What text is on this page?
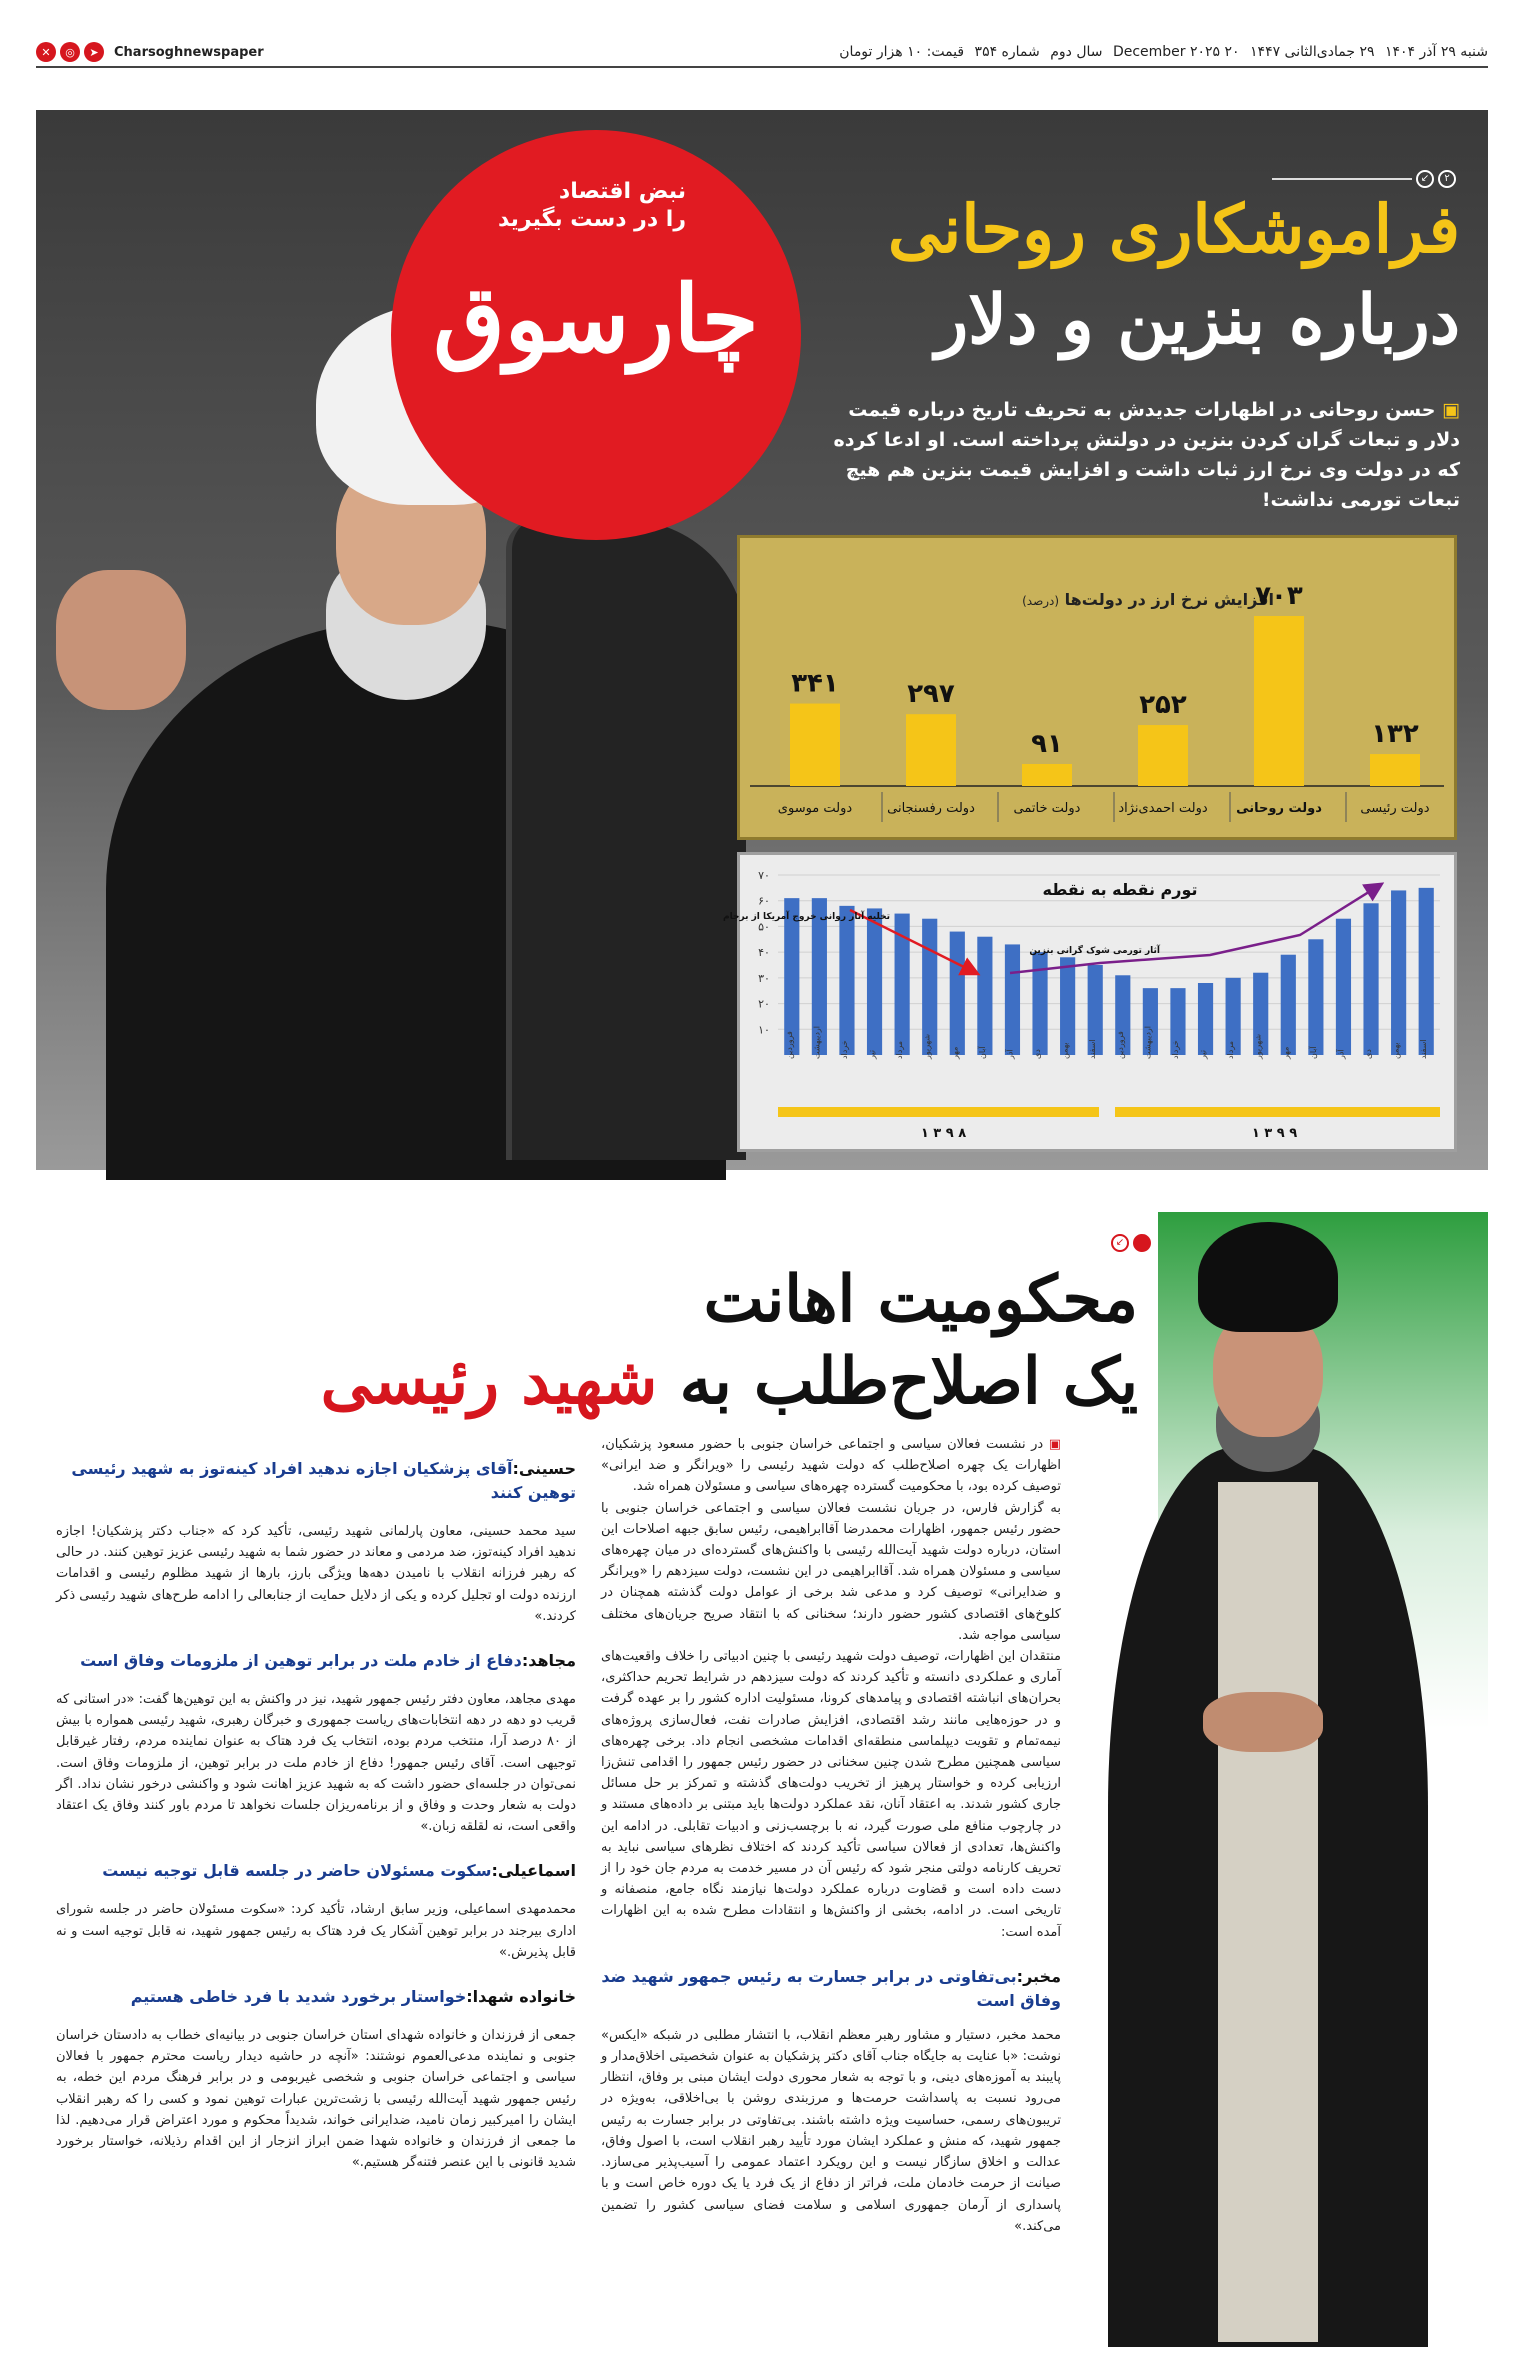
شنبه ۲۹ آذر ۱۴۰۴ ۲۹ جمادی‌الثانی ۱۴۴۷ ۲۰ December ۲۰۲۵ سال دوم شماره ۳۵۴ قیمت: ۱۰ هزار تومان
✕	◎	➤	Charsoghnewspaper
نبض اقتصاد
را در دست بگیرید
چارسوق
↙	۲
فراموشکاری روحانی
درباره بنزین و دلار
▣ حسن روحانی در اظهارات جدیدش به تحریف تاریخ درباره قیمت دلار و تبعات گران کردن بنزین در دولتش پرداخته است. او ادعا کرده که در دولت وی نرخ ارز ثبات داشت و افزایش قیمت بنزین هم هیچ تبعات تورمی نداشت!
افزایش نرخ ارز در دولت‌ها (درصد)
۳۴۱
دولت موسوی
۲۹۷
دولت رفسنجانی
۹۱
دولت خاتمی
۲۵۲
دولت احمدی‌نژاد
۷۰۳
دولت روحانی
۱۳۲
دولت رئیسی
تورم نقطه به نقطه
۱۰
۲۰
۳۰
۴۰
۵۰
۶۰
۷۰
فروردین اردیبهشت خرداد تیر مرداد شهریور مهر آبان آذر دی بهمن اسفند فروردین اردیبهشت خرداد تیر مرداد شهریور مهر آبان آذر دی بهمن اسفند
۱ ۳ ۹ ۸	۱ ۳ ۹ ۹
تخلیه آثار روانی خروج آمریکا از برجام
آثار تورمی شوک گرانی بنزین
↙
محکومیت اهانت
یک اصلاح‌طلب به شهید رئیسی

▣ در نشست فعالان سیاسی و اجتماعی خراسان جنوبی با حضور مسعود پزشکیان، اظهارات یک چهره اصلاح‌طلب که دولت شهید رئیسی را «ویرانگر و ضد ایرانی» توصیف کرده بود، با محکومیت گسترده چهره‌های سیاسی و مسئولان همراه شد.

به گزارش فارس، در جریان نشست فعالان سیاسی و اجتماعی خراسان جنوبی با حضور رئیس جمهور، اظهارات محمدرضا آقاابراهیمی، رئیس سابق جبهه اصلاحات این استان، درباره دولت شهید آیت‌الله رئیسی با واکنش‌های گسترده‌ای در میان چهره‌های سیاسی و مسئولان همراه شد. آقاابراهیمی در این نشست، دولت سیزدهم را «ویرانگر و ضدایرانی» توصیف کرد و مدعی شد برخی از عوامل دولت گذشته همچنان در کلوخ‌های اقتصادی کشور حضور دارند؛ سخنانی که با انتقاد صریح جریان‌های مختلف سیاسی مواجه شد.

منتقدان این اظهارات، توصیف دولت شهید رئیسی با چنین ادبیاتی را خلاف واقعیت‌های آماری و عملکردی دانسته و تأکید کردند که دولت سیزدهم در شرایط تحریم حداکثری، بحران‌های انباشته اقتصادی و پیامدهای کرونا، مسئولیت اداره کشور را بر عهده گرفت و در حوزه‌هایی مانند رشد اقتصادی، افزایش صادرات نفت، فعال‌سازی پروژه‌های نیمه‌تمام و تقویت دیپلماسی منطقه‌ای اقدامات مشخصی انجام داد. برخی چهره‌های سیاسی همچنین مطرح شدن چنین سخنانی در حضور رئیس جمهور را اقدامی تنش‌زا ارزیابی کرده و خواستار پرهیز از تخریب دولت‌های گذشته و تمرکز بر حل مسائل جاری کشور شدند. به اعتقاد آنان، نقد عملکرد دولت‌ها باید مبتنی بر داده‌های مستند و در چارچوب منافع ملی صورت گیرد، نه با برچسب‌زنی و ادبیات تقابلی. در ادامه این واکنش‌ها، تعدادی از فعالان سیاسی تأکید کردند که اختلاف نظرهای سیاسی نباید به تحریف کارنامه دولتی منجر شود که رئیس آن در مسیر خدمت به مردم جان خود را از دست داده است و قضاوت درباره عملکرد دولت‌ها نیازمند نگاه جامع، منصفانه و تاریخی است. در ادامه، بخشی از واکنش‌ها و انتقادات مطرح شده به این اظهارات آمده است:

مخبر:بی‌تفاوتی در برابر جسارت به رئیس جمهور شهید ضد وفاق است

محمد مخبر، دستیار و مشاور رهبر معظم انقلاب، با انتشار مطلبی در شبکه «ایکس» نوشت: «با عنایت به جایگاه جناب آقای دکتر پزشکیان به عنوان شخصیتی اخلاق‌مدار و پایبند به آموزه‌های دینی، و با توجه به شعار محوری دولت ایشان مبنی بر وفاق، انتظار می‌رود نسبت به پاسداشت حرمت‌ها و مرزبندی روشن با بی‌اخلاقی، به‌ویژه در تریبون‌های رسمی، حساسیت ویژه داشته باشند. بی‌تفاوتی در برابر جسارت به رئیس جمهور شهید، که منش و عملکرد ایشان مورد تأیید رهبر انقلاب است، با اصول وفاق، عدالت و اخلاق سازگار نیست و این رویکرد اعتماد عمومی را آسیب‌پذیر می‌سازد. صیانت از حرمت خادمان ملت، فراتر از دفاع از یک فرد یا یک دوره خاص است و با پاسداری از آرمان جمهوری اسلامی و سلامت فضای سیاسی کشور را تضمین می‌کند.»

حسینی:آقای پزشکیان اجازه ندهید افراد کینه‌توز به شهید رئیسی توهین کنند

سید محمد حسینی، معاون پارلمانی شهید رئیسی، تأکید کرد که «جناب دکتر پزشکیان! اجازه ندهید افراد کینه‌توز، ضد مردمی و معاند در حضور شما به شهید رئیسی عزیز توهین کنند. در حالی که رهبر فرزانه انقلاب با نامیدن دهه‌ها ویژگی بارز، بارها از شهید مظلوم رئیسی و اقدامات ارزنده دولت او تجلیل کرده و یکی از دلایل حمایت از جنابعالی را ادامه طرح‌های شهید رئیسی ذکر کردند.»

مجاهد:دفاع از خادم ملت در برابر توهین از ملزومات وفاق است

مهدی مجاهد، معاون دفتر رئیس جمهور شهید، نیز در واکنش به این توهین‌ها گفت: «در استانی که قریب دو دهه در دهه انتخابات‌های ریاست جمهوری و خبرگان رهبری، شهید رئیسی همواره با بیش از ۸۰ درصد آرا، منتخب مردم بوده، انتخاب یک فرد هتاک به عنوان نماینده مردم، رفتار غیرقابل توجیهی است. آقای رئیس جمهور! دفاع از خادم ملت در برابر توهین، از ملزومات وفاق است. نمی‌توان در جلسه‌ای حضور داشت که به شهید عزیز اهانت شود و واکنشی درخور نشان نداد. اگر دولت به شعار وحدت و وفاق و از برنامه‌ریزان جلسات نخواهد تا مردم باور کنند وفاق یک اعتقاد واقعی است، نه لقلقه زبان.»

اسماعیلی:سکوت مسئولان حاضر در جلسه قابل توجیه نیست

محمدمهدی اسماعیلی، وزیر سابق ارشاد، تأکید کرد: «سکوت مسئولان حاضر در جلسه شورای اداری بیرجند در برابر توهین آشکار یک فرد هتاک به رئیس جمهور شهید، نه قابل توجیه است و نه قابل پذیرش.»

خانواده شهدا:خواستار برخورد شدید با فرد خاطی هستیم

جمعی از فرزندان و خانواده شهدای استان خراسان جنوبی در بیانیه‌ای خطاب به دادستان خراسان جنوبی و نماینده مدعی‌العموم نوشتند: «آنچه در حاشیه دیدار ریاست محترم جمهور با فعالان سیاسی و اجتماعی خراسان جنوبی و شخصی غیربومی و در برابر فرهنگ مردم این خطه، به رئیس جمهور شهید آیت‌الله رئیسی با زشت‌ترین عبارات توهین نمود و کسی را که رهبر انقلاب ایشان را امیرکبیر زمان نامید، ضدایرانی خواند، شدیداً محکوم و مورد اعتراض قرار می‌دهیم. لذا ما جمعی از فرزندان و خانواده شهدا ضمن ابراز انزجار از این اقدام رذیلانه، خواستار برخورد شدید قانونی با این عنصر فتنه‌گر هستیم.»
